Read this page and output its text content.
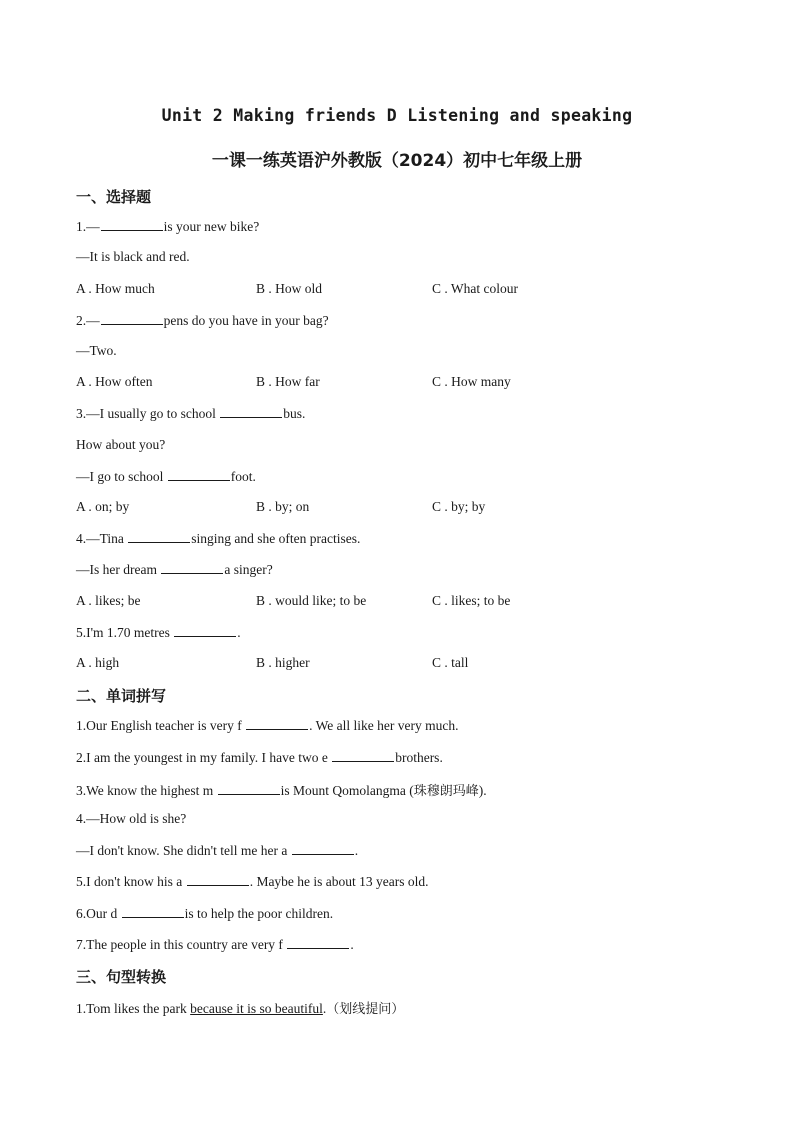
Unit 2 Making friends D Listening and speaking
一课一练英语沪外教版（2024）初中七年级上册
一、选择题
1.—	is your new bike?
—It is black and red.
A . How much	B . How old	C . What colour
2.—	pens do you have in your bag?
—Two.
A . How often	B . How far	C . How many
3.—I usually go to school	bus.
How about you?
—I go to school	foot.
A . on; by	B . by; on	C . by; by
4.—Tina	singing and she often practises.
—Is her dream	a singer?
A . likes; be	B . would like; to be	C . likes; to be
5.I'm 1.70 metres	.
A . high	B . higher	C . tall
二、单词拼写
1.Our English teacher is very f	. We all like her very much.
2.I am the youngest in my family. I have two e	brothers.
3.We know the highest m	is Mount Qomolangma (珠穆朗玛峰).
4.—How old is she?
—I don't know. She didn't tell me her a	.
5.I don't know his a	. Maybe he is about 13 years old.
6.Our d	is to help the poor children.
7.The people in this country are very f	.
三、句型转换
1.Tom likes the park because it is so beautiful.（划线提问）
